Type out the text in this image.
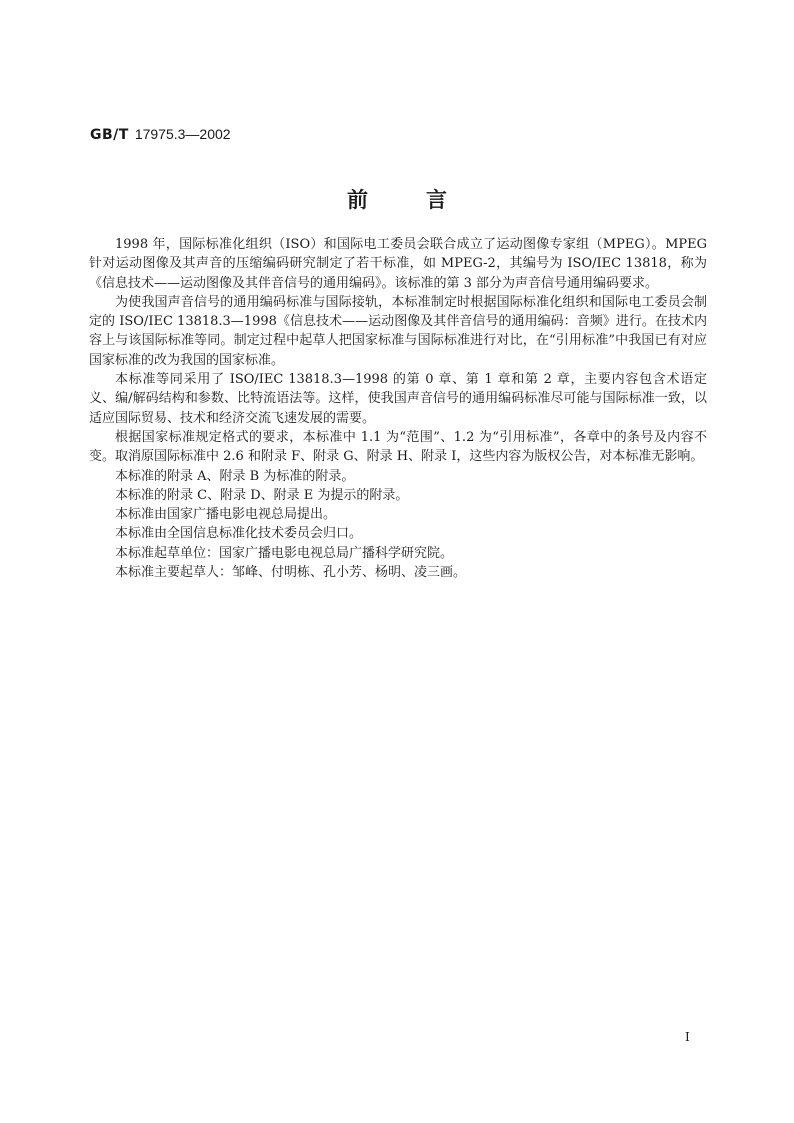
GB/T 17975.3—2002
前言

1998 年，国际标准化组织（ISO）和国际电工委员会联合成立了运动图像专家组（MPEG）。MPEG 针对运动图像及其声音的压缩编码研究制定了若干标准，如 MPEG-2，其编号为 ISO/IEC 13818，称为《信息技术——运动图像及其伴音信号的通用编码》。该标准的第 3 部分为声音信号通用编码要求。

为使我国声音信号的通用编码标准与国际接轨，本标准制定时根据国际标准化组织和国际电工委员会制定的 ISO/IEC 13818.3—1998《信息技术——运动图像及其伴音信号的通用编码：音频》进行。在技术内容上与该国际标准等同。制定过程中起草人把国家标准与国际标准进行对比，在“引用标准”中我国已有对应国家标准的改为我国的国家标准。

本标准等同采用了 ISO/IEC 13818.3—1998 的第 0 章、第 1 章和第 2 章，主要内容包含术语定义、编/解码结构和参数、比特流语法等。这样，使我国声音信号的通用编码标准尽可能与国际标准一致，以适应国际贸易、技术和经济交流飞速发展的需要。

根据国家标准规定格式的要求，本标准中 1.1 为“范围”、1.2 为“引用标准”，各章中的条号及内容不变。取消原国际标准中 2.6 和附录 F、附录 G、附录 H、附录 I，这些内容为版权公告，对本标准无影响。

本标准的附录 A、附录 B 为标准的附录。

本标准的附录 C、附录 D、附录 E 为提示的附录。

本标准由国家广播电影电视总局提出。

本标准由全国信息标准化技术委员会归口。

本标准起草单位：国家广播电影电视总局广播科学研究院。

本标准主要起草人：邹峰、付明栋、孔小芳、杨明、凌三画。

I
